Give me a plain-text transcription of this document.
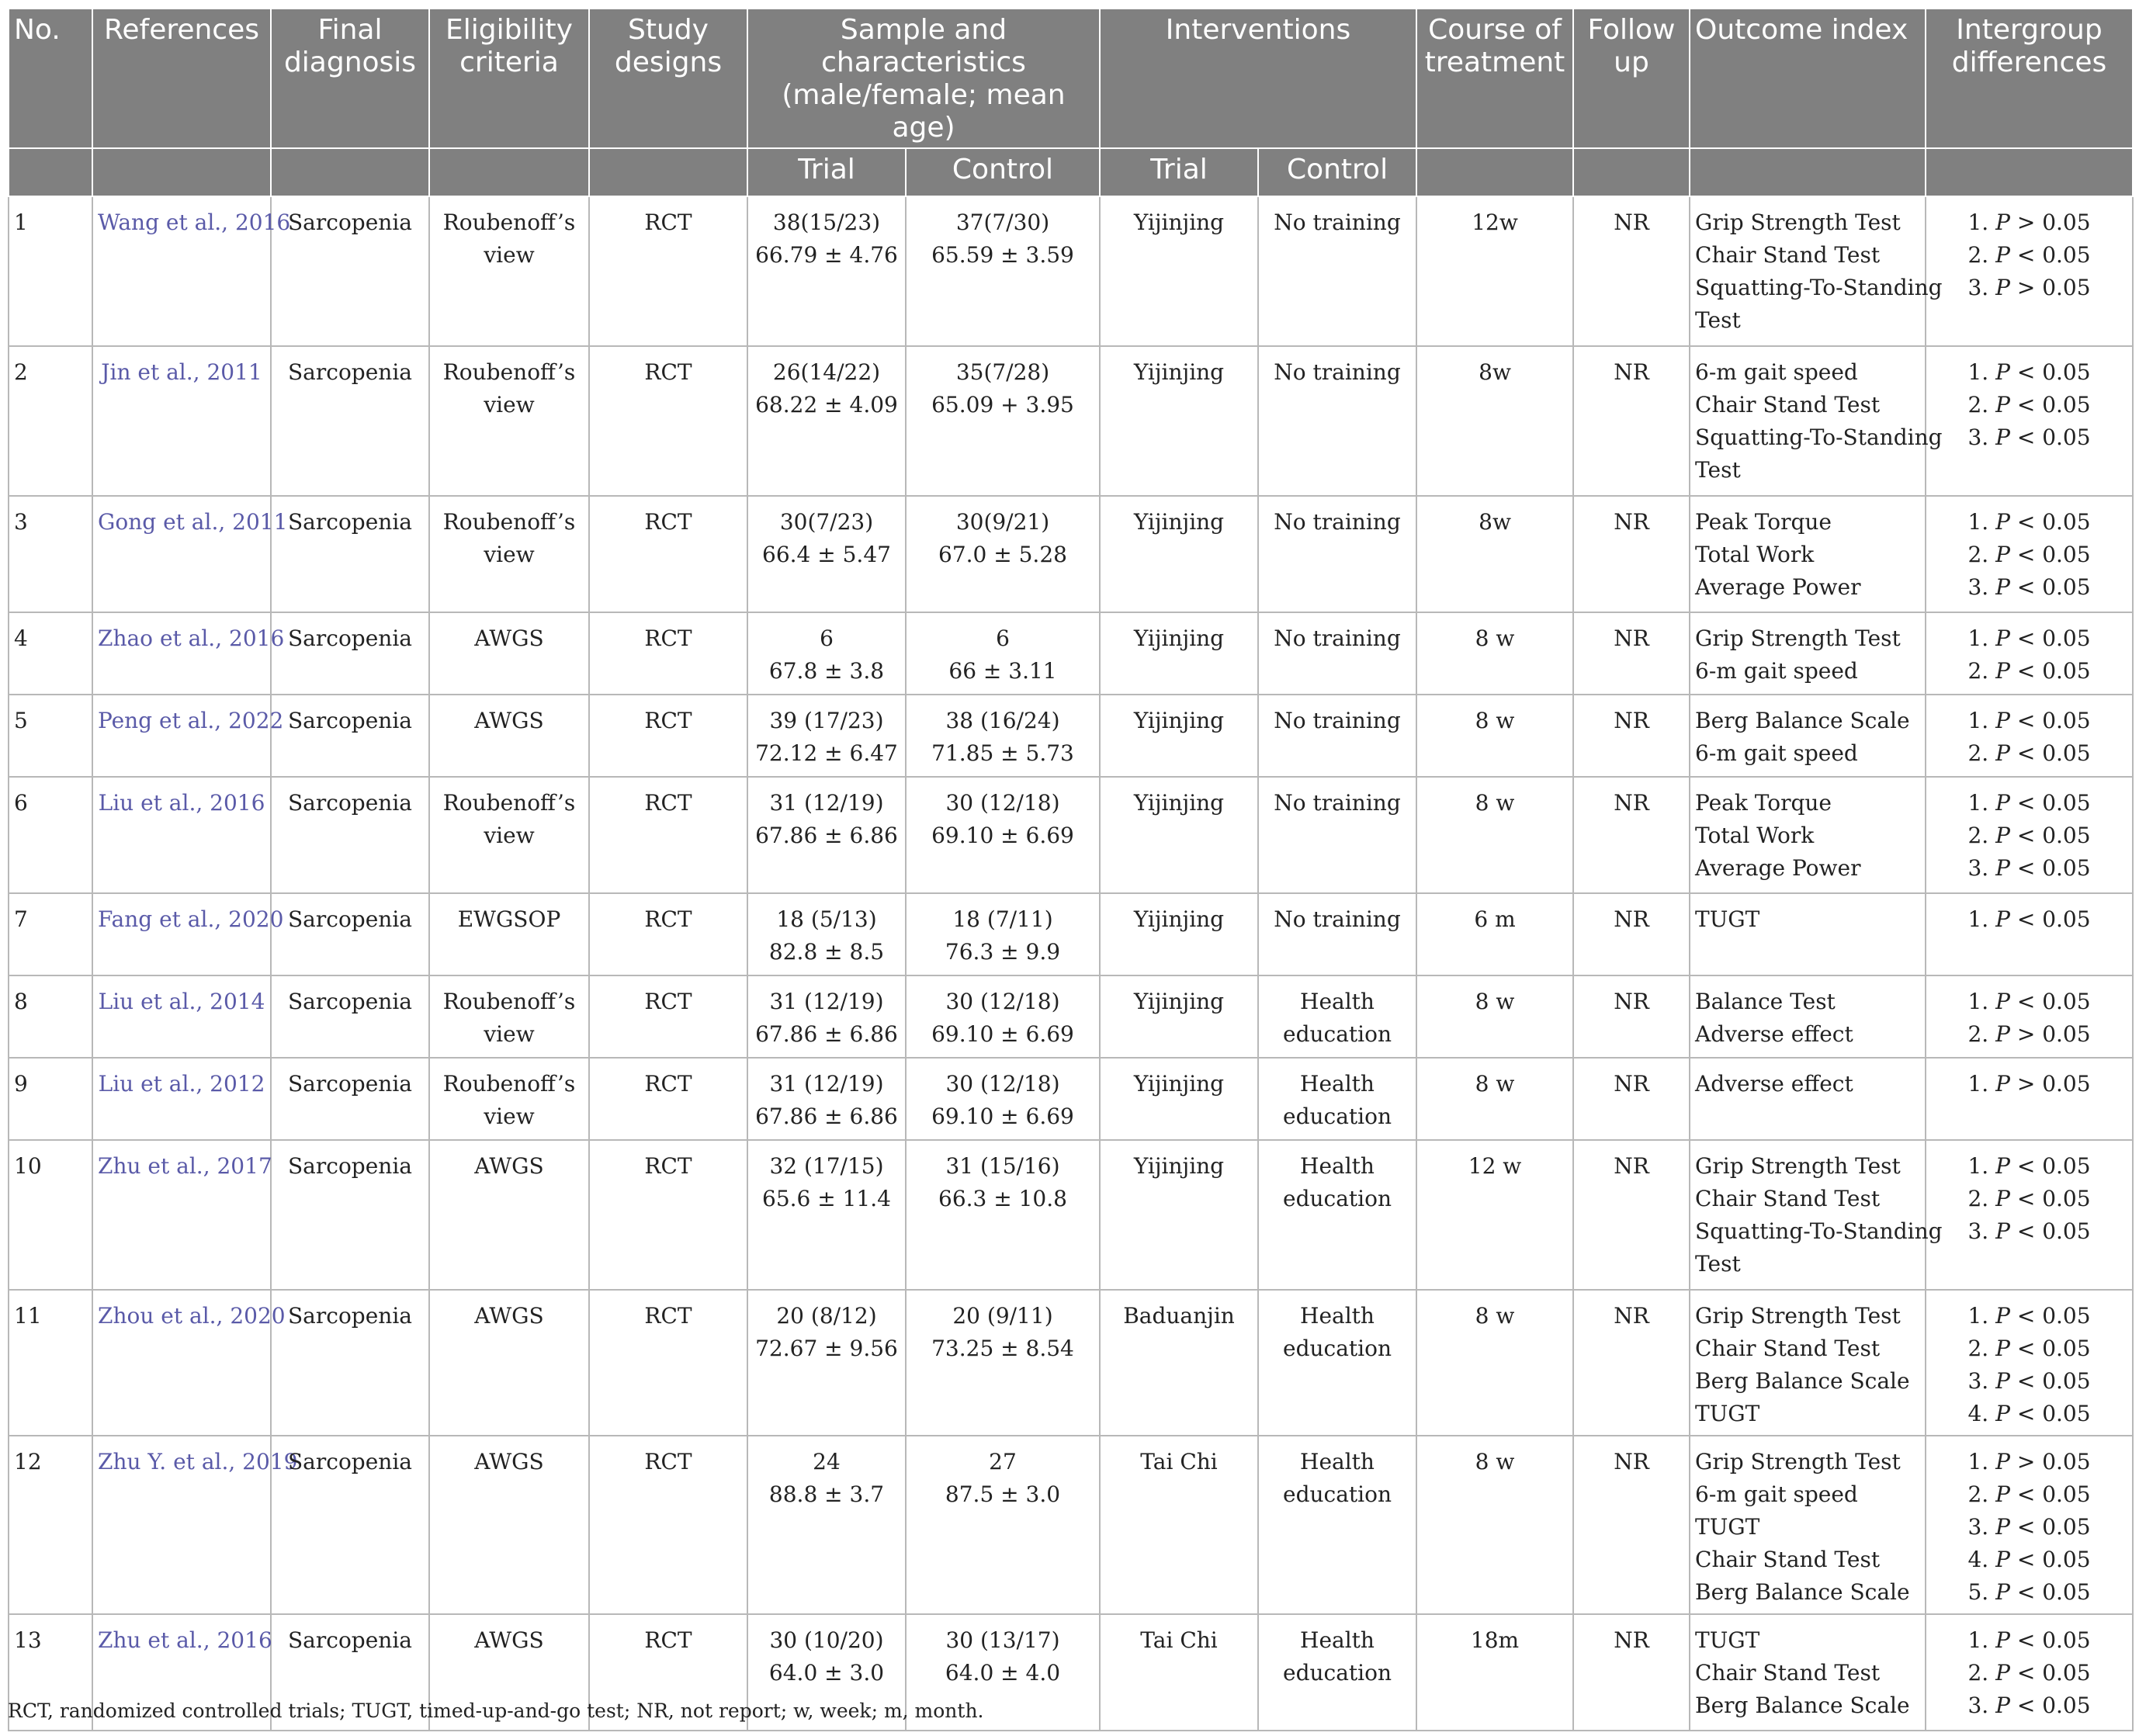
No.	References	Final
diagnosis	Eligibility
criteria	Study
designs	Sample and
characteristics
(male/female; mean age)		Interventions		Course of
treatment	Follow
up	Outcome index	Intergroup
differences

					Trial	Control	Trial	Control				

1	Wang et al., 2016	Sarcopenia	Roubenoff’s
view	RCT	38(15/23)
66.79 ± 4.76	37(7/30)
65.59 ± 3.59	Yijinjing	No training	12w	NR	Grip Strength Test
Chair Stand Test
Squatting-To-Standing
Test	1. P > 0.05
2. P < 0.05
3. P > 0.05

2	Jin et al., 2011	Sarcopenia	Roubenoff’s
view	RCT	26(14/22)
68.22 ± 4.09	35(7/28)
65.09 + 3.95	Yijinjing	No training	8w	NR	6-m gait speed
Chair Stand Test
Squatting-To-Standing
Test	1. P < 0.05
2. P < 0.05
3. P < 0.05

3	Gong et al., 2011	Sarcopenia	Roubenoff’s
view	RCT	30(7/23)
66.4 ± 5.47	30(9/21)
67.0 ± 5.28	Yijinjing	No training	8w	NR	Peak Torque
Total Work
Average Power	1. P < 0.05
2. P < 0.05
3. P < 0.05

4	Zhao et al., 2016	Sarcopenia	AWGS	RCT	6
67.8 ± 3.8	6
66 ± 3.11	Yijinjing	No training	8 w	NR	Grip Strength Test
6-m gait speed	1. P < 0.05
2. P < 0.05

5	Peng et al., 2022	Sarcopenia	AWGS	RCT	39 (17/23)
72.12 ± 6.47	38 (16/24)
71.85 ± 5.73	Yijinjing	No training	8 w	NR	Berg Balance Scale
6-m gait speed	1. P < 0.05
2. P < 0.05

6	Liu et al., 2016	Sarcopenia	Roubenoff’s
view	RCT	31 (12/19)
67.86 ± 6.86	30 (12/18)
69.10 ± 6.69	Yijinjing	No training	8 w	NR	Peak Torque
Total Work
Average Power	1. P < 0.05
2. P < 0.05
3. P < 0.05

7	Fang et al., 2020	Sarcopenia	EWGSOP	RCT	18 (5/13)
82.8 ± 8.5	18 (7/11)
76.3 ± 9.9	Yijinjing	No training	6 m	NR	TUGT	1. P < 0.05

8	Liu et al., 2014	Sarcopenia	Roubenoff’s
view	RCT	31 (12/19)
67.86 ± 6.86	30 (12/18)
69.10 ± 6.69	Yijinjing	Health
education	8 w	NR	Balance Test
Adverse effect	1. P < 0.05
2. P > 0.05

9	Liu et al., 2012	Sarcopenia	Roubenoff’s
view	RCT	31 (12/19)
67.86 ± 6.86	30 (12/18)
69.10 ± 6.69	Yijinjing	Health
education	8 w	NR	Adverse effect	1. P > 0.05

10	Zhu et al., 2017	Sarcopenia	AWGS	RCT	32 (17/15)
65.6 ± 11.4	31 (15/16)
66.3 ± 10.8	Yijinjing	Health
education	12 w	NR	Grip Strength Test
Chair Stand Test
Squatting-To-Standing
Test	1. P < 0.05
2. P < 0.05
3. P < 0.05

11	Zhou et al., 2020	Sarcopenia	AWGS	RCT	20 (8/12)
72.67 ± 9.56	20 (9/11)
73.25 ± 8.54	Baduanjin	Health
education	8 w	NR	Grip Strength Test
Chair Stand Test
Berg Balance Scale
TUGT	1. P < 0.05
2. P < 0.05
3. P < 0.05
4. P < 0.05

12	Zhu Y. et al., 2019	Sarcopenia	AWGS	RCT	24
88.8 ± 3.7	27
87.5 ± 3.0	Tai Chi	Health
education	8 w	NR	Grip Strength Test
6-m gait speed
TUGT
Chair Stand Test
Berg Balance Scale	1. P > 0.05
2. P < 0.05
3. P < 0.05
4. P < 0.05
5. P < 0.05

13	Zhu et al., 2016	Sarcopenia	AWGS	RCT	30 (10/20)
64.0 ± 3.0	30 (13/17)
64.0 ± 4.0	Tai Chi	Health
education	18m	NR	TUGT
Chair Stand Test
Berg Balance Scale	1. P < 0.05
2. P < 0.05
3. P < 0.05
RCT, randomized controlled trials; TUGT, timed-up-and-go test; NR, not report; w, week; m, month.
